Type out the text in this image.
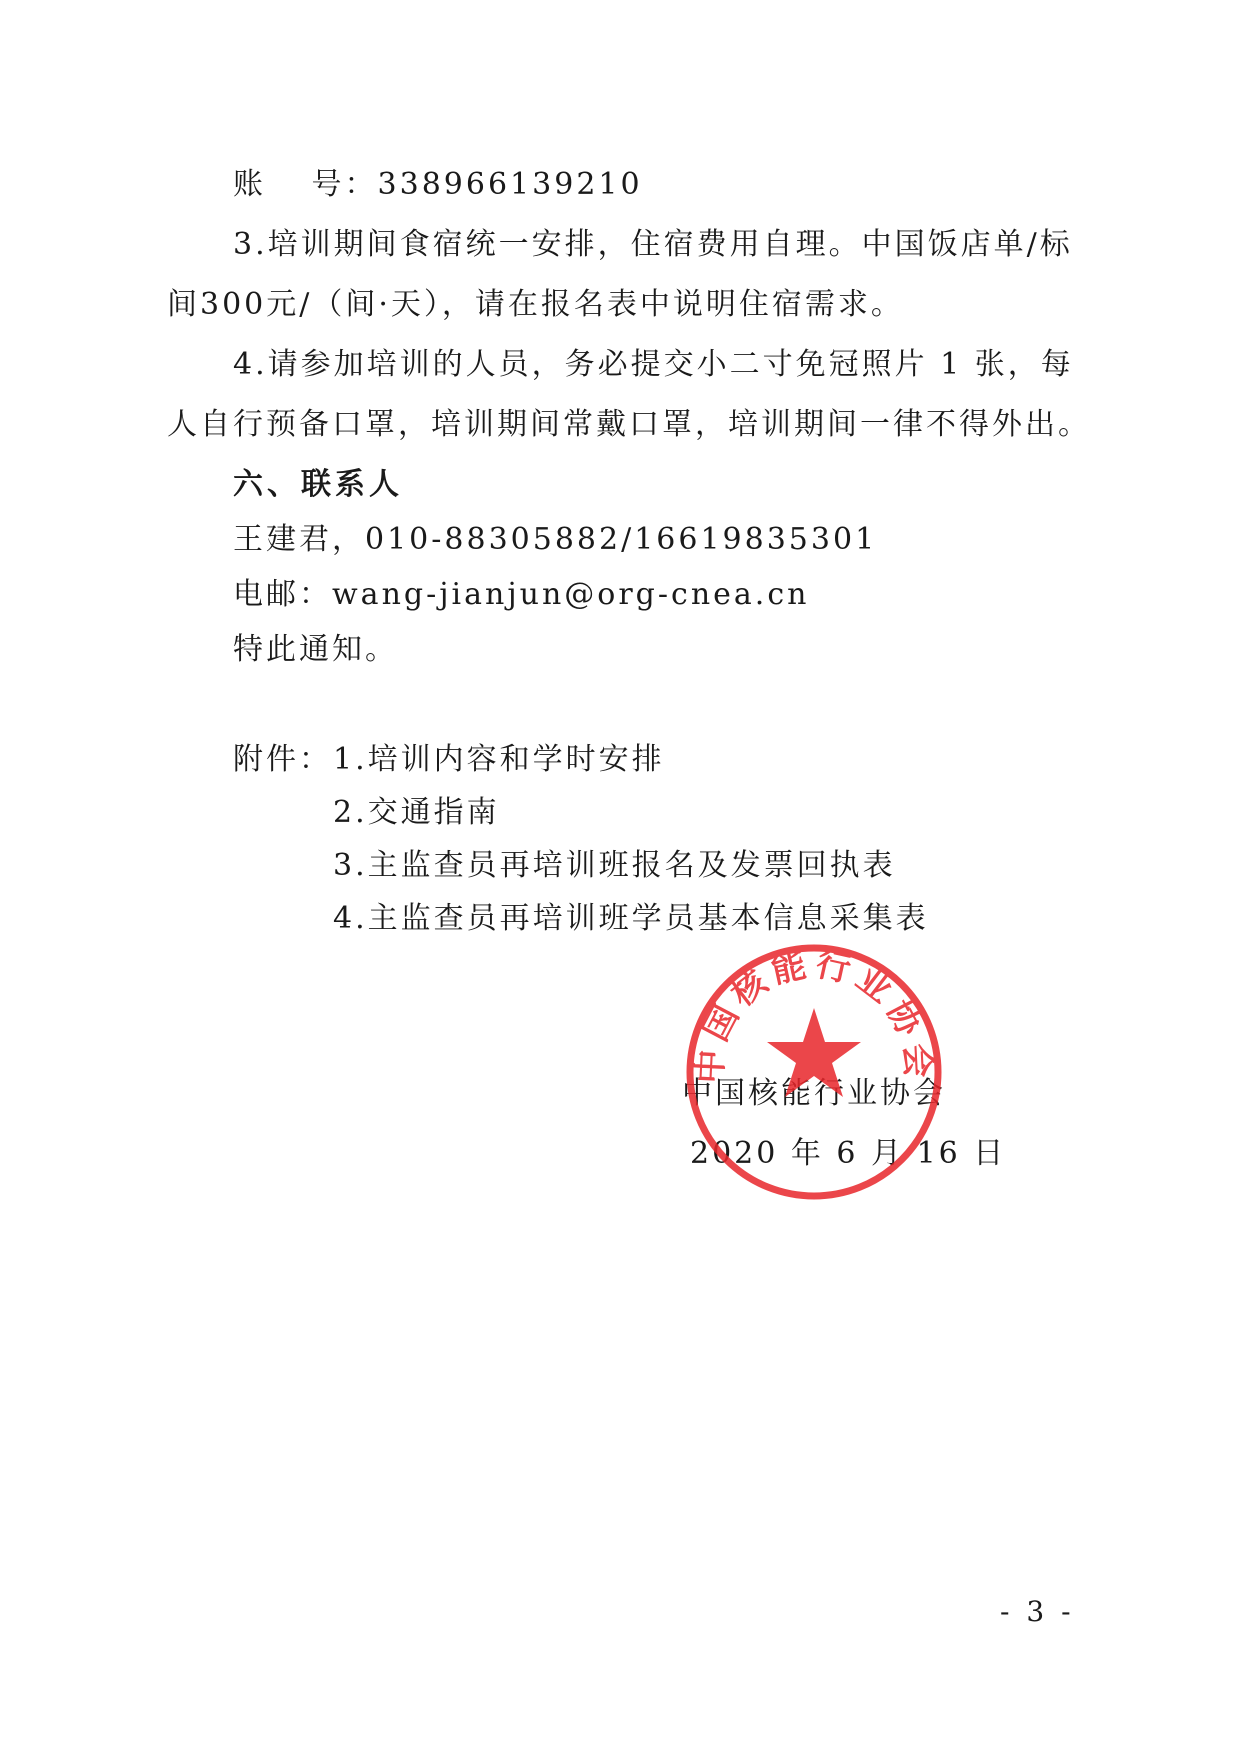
账　 号：338966139210
3.培训期间食宿统一安排，住宿费用自理。中国饭店单/标
间300元/（间·天），请在报名表中说明住宿需求。
4.请参加培训的人员，务必提交小二寸免冠照片 1 张，每
人自行预备口罩，培训期间常戴口罩，培训期间一律不得外出。
六、联系人
王建君，010-88305882/16619835301
电邮：wang-jianjun@org-cnea.cn
特此通知。
附件： 1.培训内容和学时安排
2.交通指南
3.主监查员再培训班报名及发票回执表
4.主监查员再培训班学员基本信息采集表
中国核能行业协会
2020 年 6 月 16 日
中国核能行业协会
- 3 -
